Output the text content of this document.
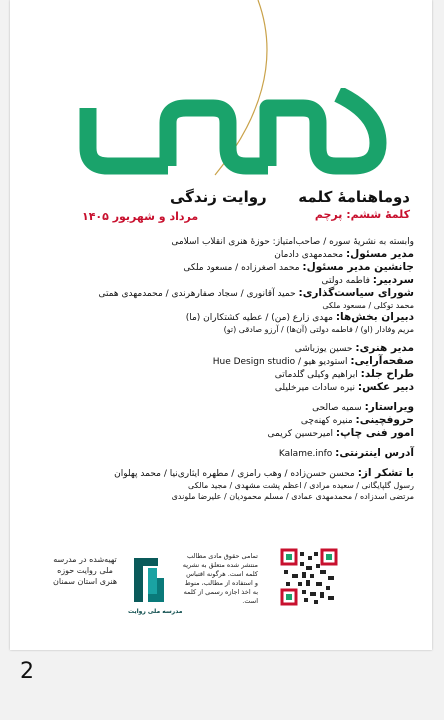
دوماهنامهٔ کلمه
کلمهٔ ششم: پرچم
روایت زندگی
مرداد و شهریور ۱۴۰۵
وابسته به نشریهٔ سوره / صاحب‌امتیاز: حوزهٔ هنری انقلاب اسلامی
مدیر مسئول: محمدمهدی دادمان
جانشین مدیر مسئول: محمد اصغرزاده / مسعود ملکی
سردبیر: فاطمه دولتی
شورای سیاست‌گذاری: حمید آقانوری / سجاد صفارهرندی / محمدمهدی همتی
محمد توکلی / مسعود ملکی
دبیران بخش‌ها: مهدی زارع (من) / عطیه کشتکاران (ما)
مریم وفادار (او) / فاطمه دولتی (آن‌ها) / آرزو صادقی (تو)
مدیر هنری: حسین یوزباشی
صفحه‌آرایی: استودیو هیو / Hue Design studio
طراح جلد: ابراهیم وکیلی گلدماتی
دبیر عکس: نیره سادات میرخلیلی
ویراستار: سمیه صالحی
حروفچینی: منیره کهنه‌چی
امور فنی چاپ: امیرحسین کریمی
آدرس اینترنتی: Kalame.info
با تشکر از: محسن حسن‌زاده / وهب رامزی / مطهره ایثاری‌نیا / محمد پهلوان
رسول گلپایگانی / سعیده مرادی / اعظم پشت مشهدی / مجید مالکی
مرتضی اسدزاده / محمدمهدی عمادی / مسلم محمودیان / علیرضا ملوندی
تمامی حقوق مادی مطالب منتشر شده متعلق به نشریه کلمه است. هرگونه اقتباس و استفاده از مطالب، منوط به اخذ اجازه رسمی از کلمه است.
مدرسه ملی روایت
تهیه‌شده در مدرسه ملی روایت حوزه هنری استان سمنان
2
